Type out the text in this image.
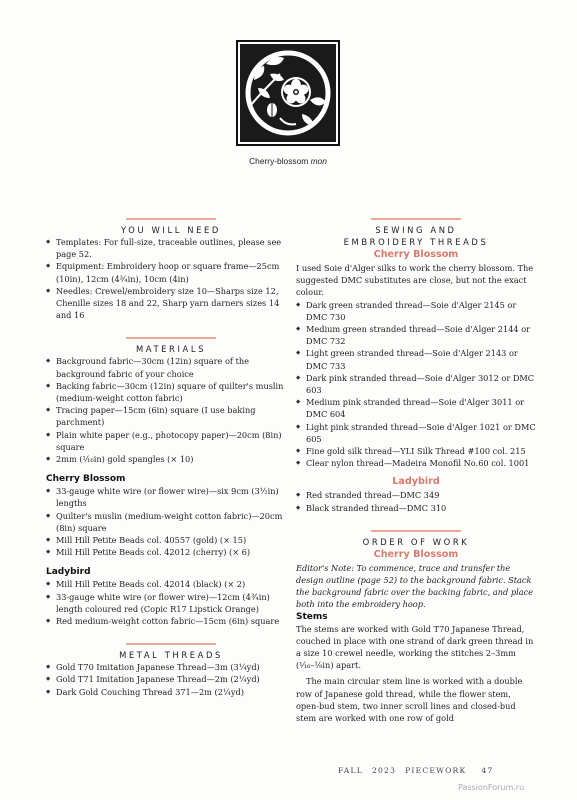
Cherry-blossom mon
YOU WILL NEED
◆ Templates: For full-size, traceable outlines, please see page 52.
◆ Equipment: Embroidery hoop or square frame—25cm (10in), 12cm (4¾in), 10cm (4in)
◆ Needles: Crewel/embroidery size 10—Sharps size 12, Chenille sizes 18 and 22, Sharp yarn darners sizes 14 and 16
MATERIALS
◆ Background fabric—30cm (12in) square of the background fabric of your choice
◆ Backing fabric—30cm (12in) square of quilter's muslin (medium-weight cotton fabric)
◆ Tracing paper—15cm (6in) square (I use baking parchment)
◆ Plain white paper (e.g., photocopy paper)—20cm (8in) square
◆ 2mm (¹⁄₁₆in) gold spangles (× 10)
Cherry Blossom
◆ 33-gauge white wire (or flower wire)—six 9cm (3½in) lengths
◆ Quilter's muslin (medium-weight cotton fabric)—20cm (8in) square
◆ Mill Hill Petite Beads col. 40557 (gold) (× 15)
◆ Mill Hill Petite Beads col. 42012 (cherry) (× 6)
Ladybird
◆ Mill Hill Petite Beads col. 42014 (black) (× 2)
◆ 33-gauge white wire (or flower wire)—12cm (4¾in) length coloured red (Copic R17 Lipstick Orange)
◆ Red medium-weight cotton fabric—15cm (6in) square
METAL THREADS
◆ Gold T70 Imitation Japanese Thread—3m (3¼yd)
◆ Gold T71 Imitation Japanese Thread—2m (2¼yd)
◆ Dark Gold Couching Thread 371—2m (2¼yd)
SEWING AND
EMBROIDERY THREADS
Cherry Blossom

I used Soie d'Alger silks to work the cherry blossom. The suggested DMC substitutes are close, but not the exact colour.

◆ Dark green stranded thread—Soie d'Alger 2145 or DMC 730
◆ Medium green stranded thread—Soie d'Alger 2144 or DMC 732
◆ Light green stranded thread—Soie d'Alger 2143 or DMC 733
◆ Dark pink stranded thread—Soie d'Alger 3012 or DMC 603
◆ Medium pink stranded thread—Soie d'Alger 3011 or DMC 604
◆ Light pink stranded thread—Soie d'Alger 1021 or DMC 605
◆ Fine gold silk thread—YLI Silk Thread #100 col. 215
◆ Clear nylon thread—Madeira Monofil No.60 col. 1001
Ladybird
◆ Red stranded thread—DMC 349
◆ Black stranded thread—DMC 310
ORDER OF WORK
Cherry Blossom

Editor's Note: To commence, trace and transfer the design outline (page 52) to the background fabric. Stack the background fabric over the backing fabric, and place both into the embroidery hoop.

Stems

The stems are worked with Gold T70 Japanese Thread, couched in place with one strand of dark green thread in a size 10 crewel needle, working the stitches 2–3mm (¹⁄₁₆–⅛in) apart.

The main circular stem line is worked with a double row of Japanese gold thread, while the flower stem, open-bud stem, two inner scroll lines and closed-bud stem are worked with one row of gold

FALL 2023 PIECEWORK 47
PassionForum.ru
